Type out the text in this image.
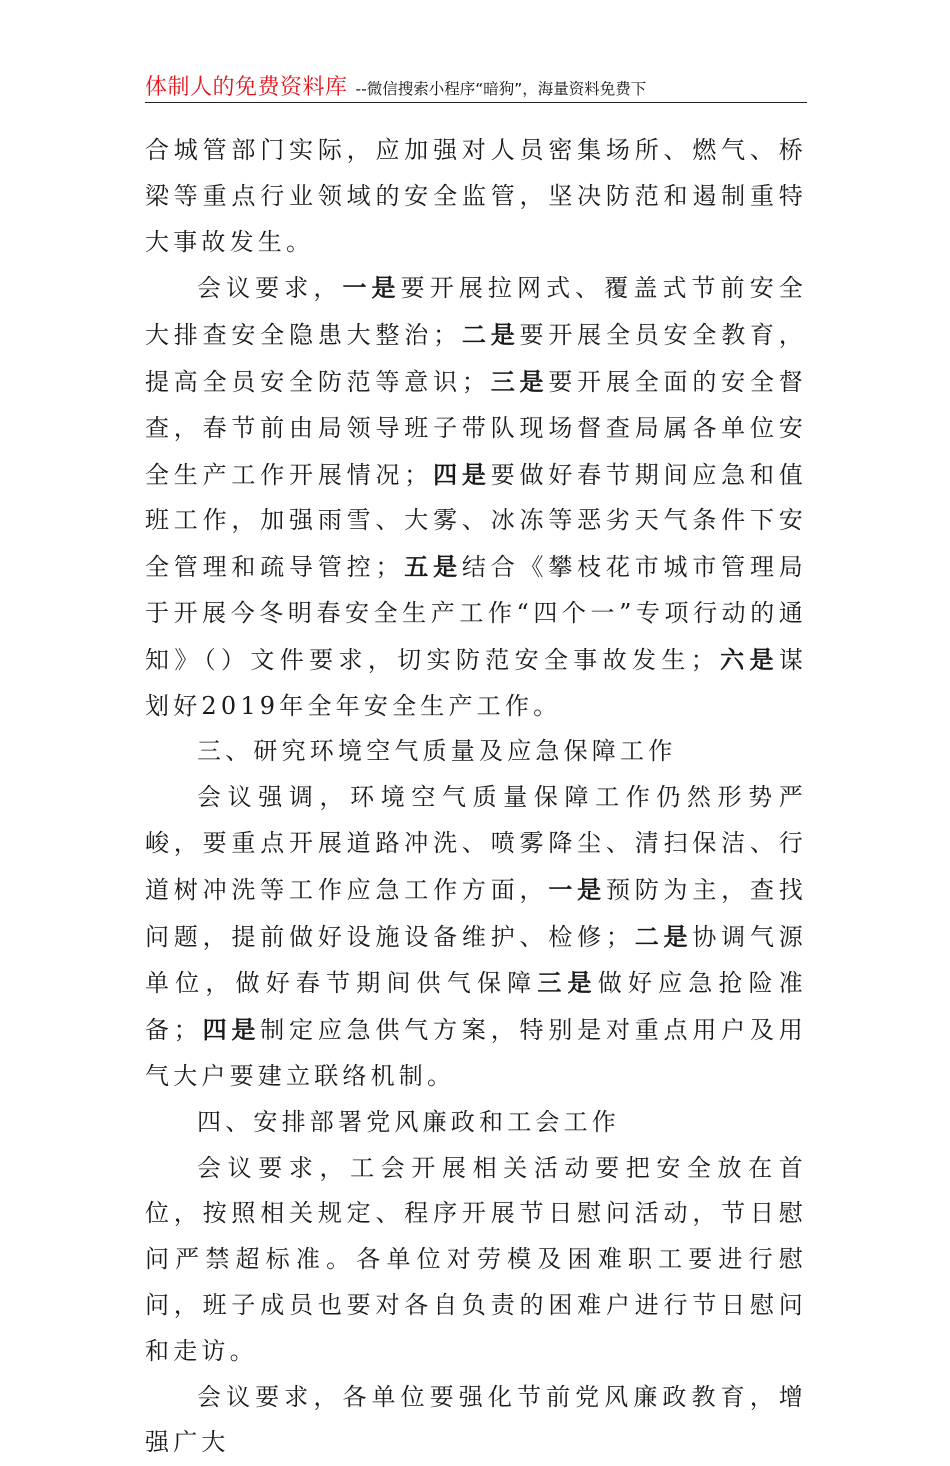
体制人的免费资料库 --微信搜索小程序“暗狗”，海量资料免费下

合城管部门实际，应加强对人员密集场所、燃气、桥梁等重点行业领域的安全监管，坚决防范和遏制重特大事故发生。

会议要求，一是要开展拉网式、覆盖式节前安全大排查安全隐患大整治；二是要开展全员安全教育，提高全员安全防范等意识；三是要开展全面的安全督查，春节前由局领导班子带队现场督查局属各单位安全生产工作开展情况；四是要做好春节期间应急和值班工作，加强雨雪、大雾、冰冻等恶劣天气条件下安全管理和疏导管控；五是结合《攀枝花市城市管理局于开展今冬明春安全生产工作“四个一”专项行动的通知》（）文件要求，切实防范安全事故发生；六是谋划好2019年全年安全生产工作。

三、研究环境空气质量及应急保障工作

会议强调，环境空气质量保障工作仍然形势严峻，要重点开展道路冲洗、喷雾降尘、清扫保洁、行道树冲洗等工作应急工作方面，一是预防为主，查找问题，提前做好设施设备维护、检修；二是协调气源单位，做好春节期间供气保障三是做好应急抢险准备；四是制定应急供气方案，特别是对重点用户及用气大户要建立联络机制。

四、安排部署党风廉政和工会工作

会议要求，工会开展相关活动要把安全放在首位，按照相关规定、程序开展节日慰问活动，节日慰问严禁超标准。各单位对劳模及困难职工要进行慰问，班子成员也要对各自负责的困难户进行节日慰问和走访。

会议要求，各单位要强化节前党风廉政教育，增强广大
